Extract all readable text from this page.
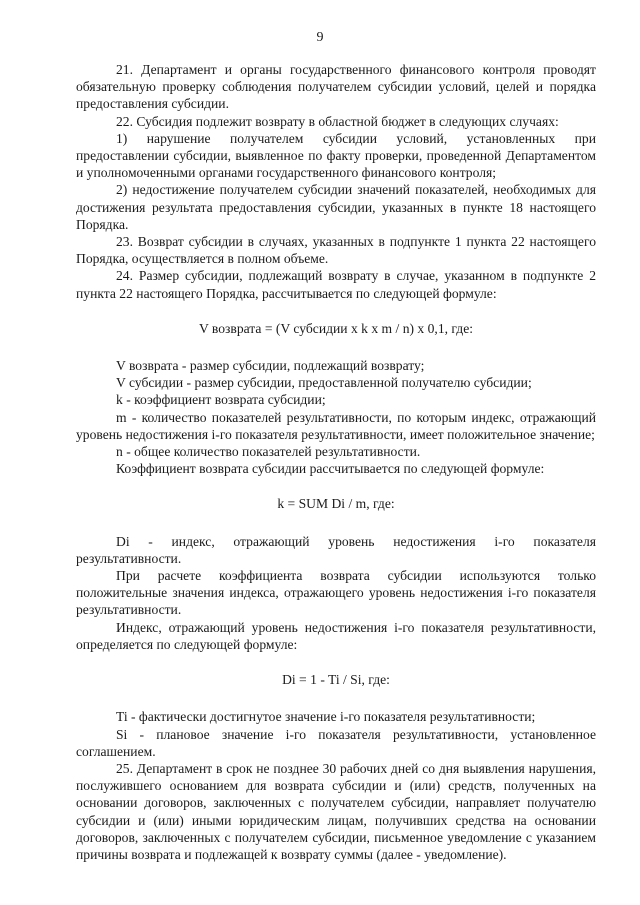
9

21. Департамент и органы государственного финансового контроля проводят обязательную проверку соблюдения получателем субсидии условий, целей и порядка предоставления субсидии.

22. Субсидия подлежит возврату в областной бюджет в следующих случаях:

1) нарушение получателем субсидии условий, установленных при предоставлении субсидии, выявленное по факту проверки, проведенной Департаментом и уполномоченными органами государственного финансового контроля;

2) недостижение получателем субсидии значений показателей, необходимых для достижения результата предоставления субсидии, указанных в пункте 18 настоящего Порядка.

23. Возврат субсидии в случаях, указанных в подпункте 1 пункта 22 настоящего Порядка, осуществляется в полном объеме.

24. Размер субсидии, подлежащий возврату в случае, указанном в подпункте 2 пункта 22 настоящего Порядка, рассчитывается по следующей формуле:

V возврата = (V субсидии x k x m / n) x 0,1, где:

V возврата - размер субсидии, подлежащий возврату;

V субсидии - размер субсидии, предоставленной получателю субсидии;

k - коэффициент возврата субсидии;

m - количество показателей результативности, по которым индекс, отражающий уровень недостижения i-го показателя результативности, имеет положительное значение;

n - общее количество показателей результативности.

Коэффициент возврата субсидии рассчитывается по следующей формуле:

k = SUM Di / m, где:

Di - индекс, отражающий уровень недостижения i-го показателя результативности.

При расчете коэффициента возврата субсидии используются только положительные значения индекса, отражающего уровень недостижения i-го показателя результативности.

Индекс, отражающий уровень недостижения i-го показателя результативности, определяется по следующей формуле:

Di = 1 - Ti / Si, где:

Ti - фактически достигнутое значение i-го показателя результативности;

Si - плановое значение i-го показателя результативности, установленное соглашением.

25. Департамент в срок не позднее 30 рабочих дней со дня выявления нарушения, послужившего основанием для возврата субсидии и (или) средств, полученных на основании договоров, заключенных с получателем субсидии, направляет получателю субсидии и (или) иными юридическим лицам, получивших средства на основании договоров, заключенных с получателем субсидии, письменное уведомление с указанием причины возврата и подлежащей к возврату суммы (далее - уведомление).
